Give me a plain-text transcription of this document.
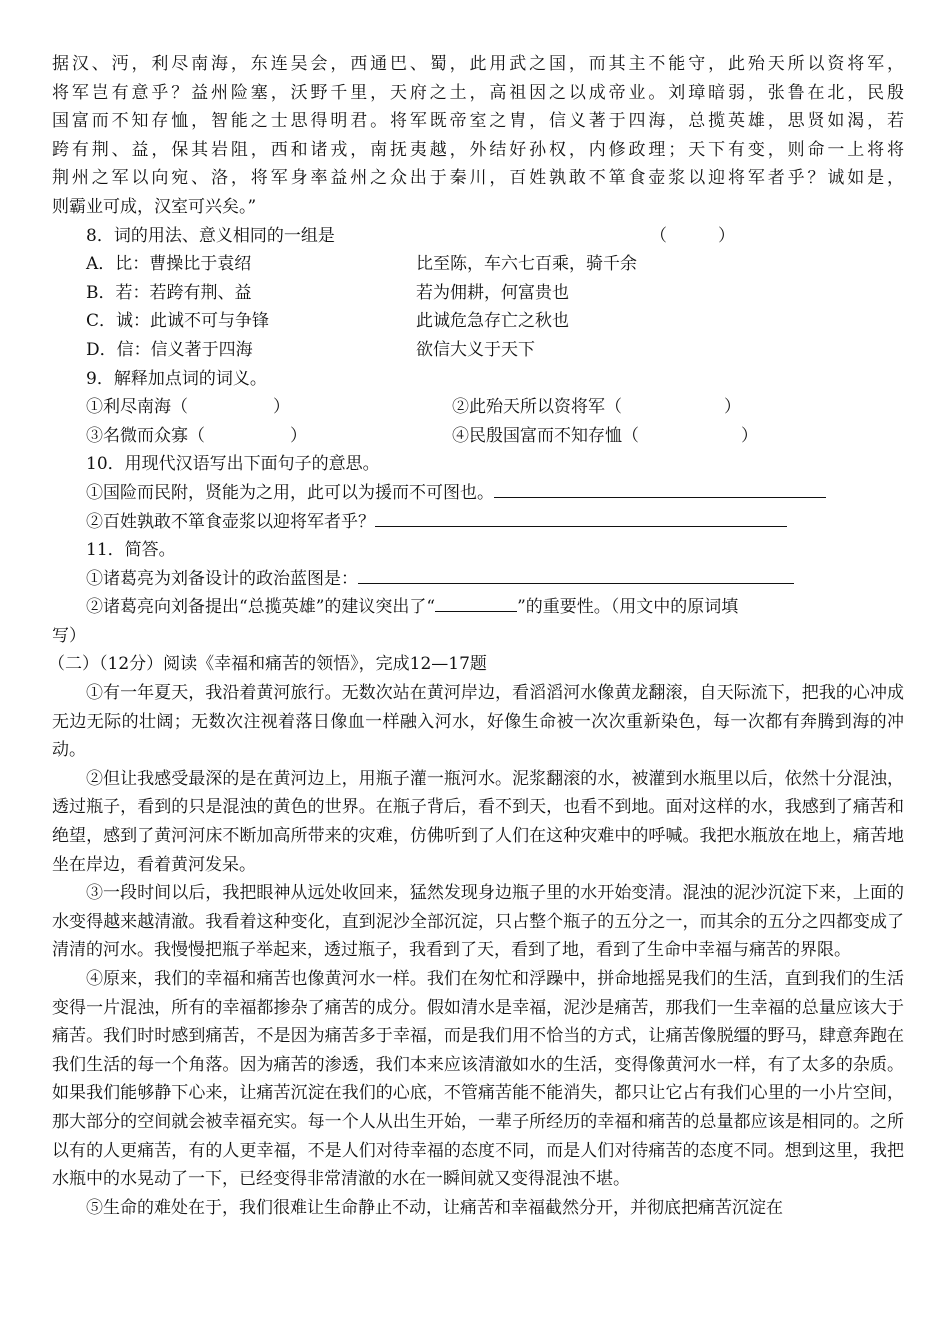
据汉、沔，利尽南海，东连吴会，西通巴、蜀，此用武之国，而其主不能守，此殆天所以资将军，
将军岂有意乎？益州险塞，沃野千里，天府之土，高祖因之以成帝业。刘璋暗弱，张鲁在北，民殷
国富而不知存恤，智能之士思得明君。将军既帝室之胄，信义著于四海，总揽英雄，思贤如渴，若
跨有荆、益，保其岩阻，西和诸戎，南抚夷越，外结好孙权，内修政理；天下有变，则命一上将将
荆州之军以向宛、洛，将军身率益州之众出于秦川，百姓孰敢不箪食壶浆以迎将军者乎？诚如是，
则霸业可成，汉室可兴矣。”
8．词的用法、意义相同的一组是	（　　　）
A．比：曹操比于袁绍	比至陈，车六七百乘，骑千余
B．若：若跨有荆、益	若为佣耕，何富贵也
C．诚：此诚不可与争锋	此诚危急存亡之秋也
D．信：信义著于四海	欲信大义于天下
9．解释加点词的词义。
①利尽南海（　　　　　）	②此殆天所以资将军（　　　　　　）
③名微而众寡（　　　　　）	④民殷国富而不知存恤（　　　　　　）
10．用现代汉语写出下面句子的意思。
①国险而民附，贤能为之用，此可以为援而不可图也。
②百姓孰敢不箪食壶浆以迎将军者乎？
11．简答。
①诸葛亮为刘备设计的政治蓝图是：
②诸葛亮向刘备提出“总揽英雄”的建议突出了“	”的重要性。（用文中的原词填
写）
（二）（12分）阅读《幸福和痛苦的领悟》，完成12—17题

①有一年夏天，我沿着黄河旅行。无数次站在黄河岸边，看滔滔河水像黄龙翻滚，自天际流下，把我的心冲成无边无际的壮阔；无数次注视着落日像血一样融入河水，好像生命被一次次重新染色，每一次都有奔腾到海的冲动。

②但让我感受最深的是在黄河边上，用瓶子灌一瓶河水。泥浆翻滚的水，被灌到水瓶里以后，依然十分混浊，透过瓶子，看到的只是混浊的黄色的世界。在瓶子背后，看不到天，也看不到地。面对这样的水，我感到了痛苦和绝望，感到了黄河河床不断加高所带来的灾难，仿佛听到了人们在这种灾难中的呼喊。我把水瓶放在地上，痛苦地坐在岸边，看着黄河发呆。

③一段时间以后，我把眼神从远处收回来，猛然发现身边瓶子里的水开始变清。混浊的泥沙沉淀下来，上面的水变得越来越清澈。我看着这种变化，直到泥沙全部沉淀，只占整个瓶子的五分之一，而其余的五分之四都变成了清清的河水。我慢慢把瓶子举起来，透过瓶子，我看到了天，看到了地，看到了生命中幸福与痛苦的界限。

④原来，我们的幸福和痛苦也像黄河水一样。我们在匆忙和浮躁中，拼命地摇晃我们的生活，直到我们的生活变得一片混浊，所有的幸福都掺杂了痛苦的成分。假如清水是幸福，泥沙是痛苦，那我们一生幸福的总量应该大于痛苦。我们时时感到痛苦，不是因为痛苦多于幸福，而是我们用不恰当的方式，让痛苦像脱缰的野马，肆意奔跑在我们生活的每一个角落。因为痛苦的渗透，我们本来应该清澈如水的生活，变得像黄河水一样，有了太多的杂质。如果我们能够静下心来，让痛苦沉淀在我们的心底，不管痛苦能不能消失，都只让它占有我们心里的一小片空间，那大部分的空间就会被幸福充实。每一个人从出生开始，一辈子所经历的幸福和痛苦的总量都应该是相同的。之所以有的人更痛苦，有的人更幸福，不是人们对待幸福的态度不同，而是人们对待痛苦的态度不同。想到这里，我把水瓶中的水晃动了一下，已经变得非常清澈的水在一瞬间就又变得混浊不堪。

⑤生命的难处在于，我们很难让生命静止不动，让痛苦和幸福截然分开，并彻底把痛苦沉淀在
